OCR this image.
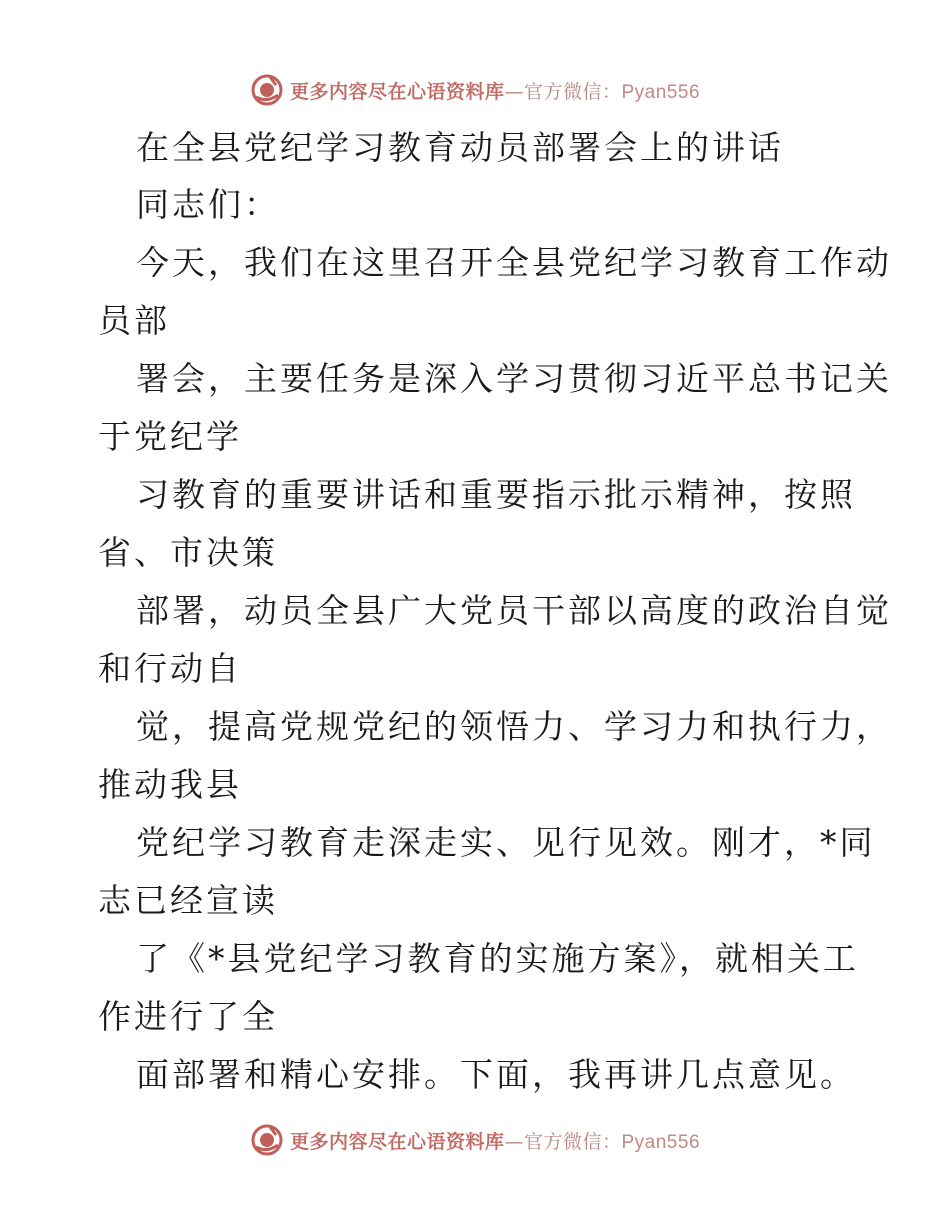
更多内容尽在心语资料库—官方微信：Pyan556
在全县党纪学习教育动员部署会上的讲话
同志们：
今天，我们在这里召开全县党纪学习教育工作动
员部
署会，主要任务是深入学习贯彻习近平总书记关
于党纪学
习教育的重要讲话和重要指示批示精神，按照
省、市决策
部署，动员全县广大党员干部以高度的政治自觉
和行动自
觉，提高党规党纪的领悟力、学习力和执行力，
推动我县
党纪学习教育走深走实、见行见效。刚才，*同
志已经宣读
了《*县党纪学习教育的实施方案》，就相关工
作进行了全
面部署和精心安排。下面，我再讲几点意见。
更多内容尽在心语资料库—官方微信：Pyan556
